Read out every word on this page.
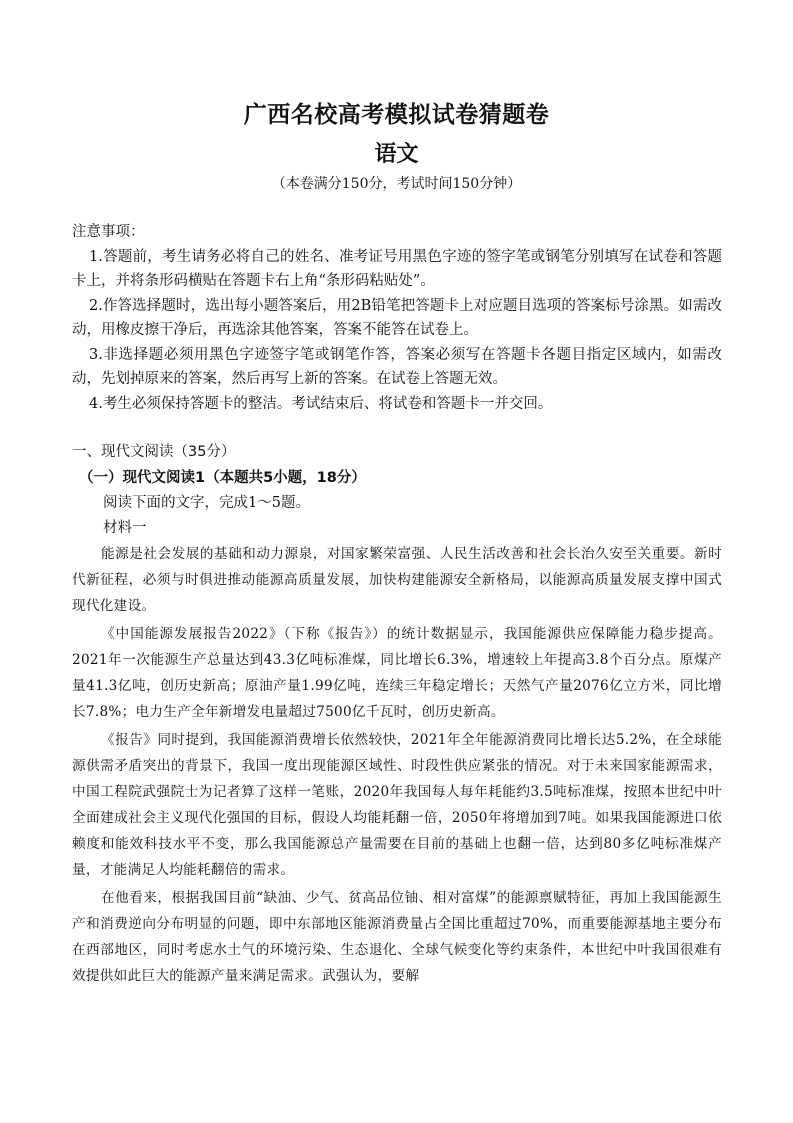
广西名校高考模拟试卷猜题卷
语文
（本卷满分150分，考试时间150分钟）
注意事项：
1.答题前，考生请务必将自己的姓名、准考证号用黑色字迹的签字笔或钢笔分别填写在试卷和答题卡上，并将条形码横贴在答题卡右上角“条形码粘贴处”。
2.作答选择题时，选出每小题答案后，用2B铅笔把答题卡上对应题目选项的答案标号涂黑。如需改动，用橡皮擦干净后，再选涂其他答案，答案不能答在试卷上。
3.非选择题必须用黑色字迹签字笔或钢笔作答，答案必须写在答题卡各题目指定区域内，如需改动，先划掉原来的答案，然后再写上新的答案。在试卷上答题无效。
4.考生必须保持答题卡的整洁。考试结束后、将试卷和答题卡一并交回。
一、现代文阅读（35分）
（一）现代文阅读1（本题共5小题，18分）
阅读下面的文字，完成1～5题。
材料一

能源是社会发展的基础和动力源泉，对国家繁荣富强、人民生活改善和社会长治久安至关重要。新时代新征程，必须与时俱进推动能源高质量发展，加快构建能源安全新格局，以能源高质量发展支撑中国式现代化建设。

《中国能源发展报告2022》（下称《报告》）的统计数据显示，我国能源供应保障能力稳步提高。2021年一次能源生产总量达到43.3亿吨标准煤，同比增长6.3%，增速较上年提高3.8个百分点。原煤产量41.3亿吨，创历史新高；原油产量1.99亿吨，连续三年稳定增长；天然气产量2076亿立方米，同比增长7.8%；电力生产全年新增发电量超过7500亿千瓦时，创历史新高。

《报告》同时提到，我国能源消费增长依然较快，2021年全年能源消费同比增长达5.2%，在全球能源供需矛盾突出的背景下，我国一度出现能源区域性、时段性供应紧张的情况。对于未来国家能源需求，中国工程院武强院士为记者算了这样一笔账，2020年我国每人每年耗能约3.5吨标准煤，按照本世纪中叶全面建成社会主义现代化强国的目标，假设人均能耗翻一倍，2050年将增加到7吨。如果我国能源进口依赖度和能效科技水平不变，那么我国能源总产量需要在目前的基础上也翻一倍，达到80多亿吨标准煤产量，才能满足人均能耗翻倍的需求。

在他看来，根据我国目前“缺油、少气、贫高品位铀、相对富煤”的能源禀赋特征，再加上我国能源生产和消费逆向分布明显的问题，即中东部地区能源消费量占全国比重超过70%，而重要能源基地主要分布在西部地区，同时考虑水土气的环境污染、生态退化、全球气候变化等约束条件，本世纪中叶我国很难有效提供如此巨大的能源产量来满足需求。武强认为，要解
